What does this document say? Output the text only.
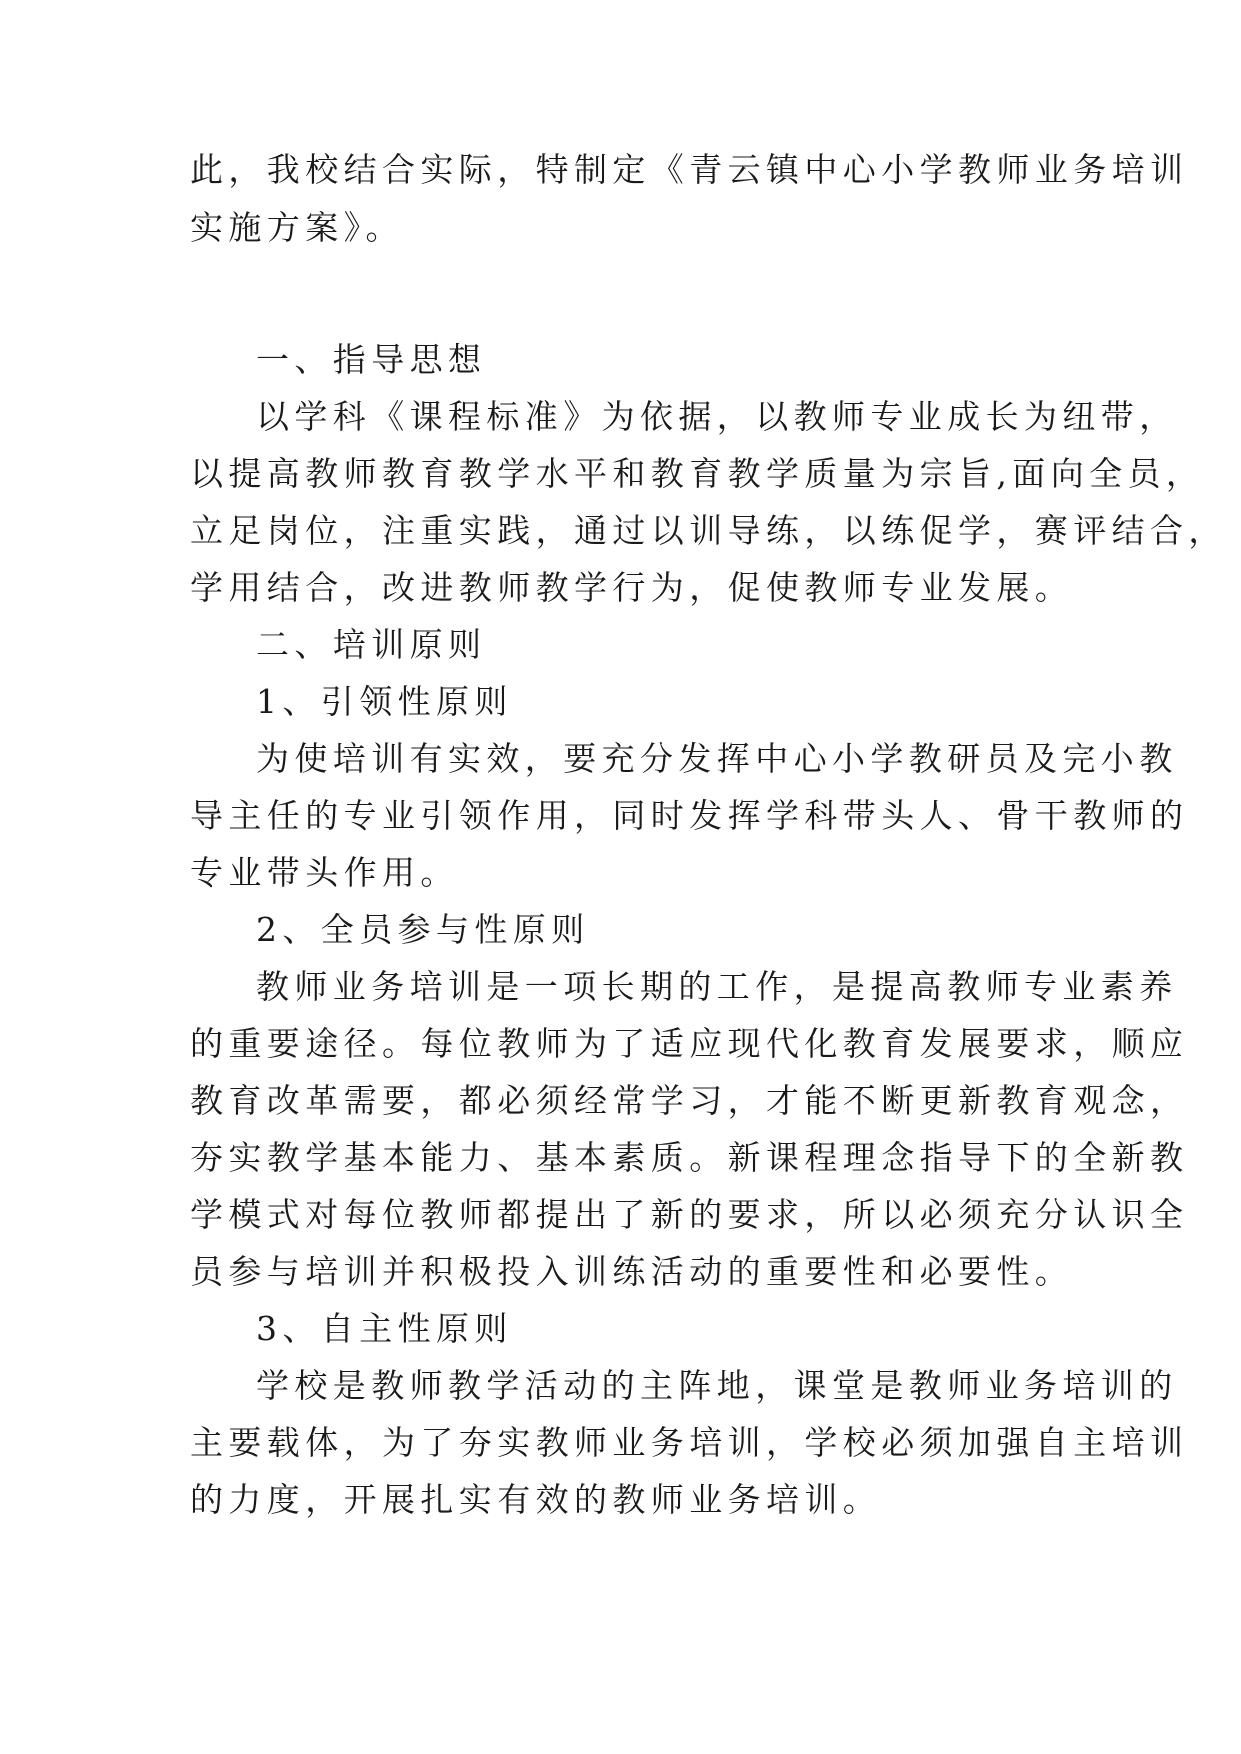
此，我校结合实际，特制定《青云镇中心小学教师业务培训
实施方案》。
一、指导思想
以学科《课程标准》为依据，以教师专业成长为纽带，
以提高教师教育教学水平和教育教学质量为宗旨,面向全员，
立足岗位，注重实践，通过以训导练，以练促学，赛评结合，
学用结合，改进教师教学行为，促使教师专业发展。
二、培训原则
1、引领性原则
为使培训有实效，要充分发挥中心小学教研员及完小教
导主任的专业引领作用，同时发挥学科带头人、骨干教师的
专业带头作用。
2、全员参与性原则
教师业务培训是一项长期的工作，是提高教师专业素养
的重要途径。每位教师为了适应现代化教育发展要求，顺应
教育改革需要，都必须经常学习，才能不断更新教育观念，
夯实教学基本能力、基本素质。新课程理念指导下的全新教
学模式对每位教师都提出了新的要求，所以必须充分认识全
员参与培训并积极投入训练活动的重要性和必要性。
3、自主性原则
学校是教师教学活动的主阵地，课堂是教师业务培训的
主要载体，为了夯实教师业务培训，学校必须加强自主培训
的力度，开展扎实有效的教师业务培训。
